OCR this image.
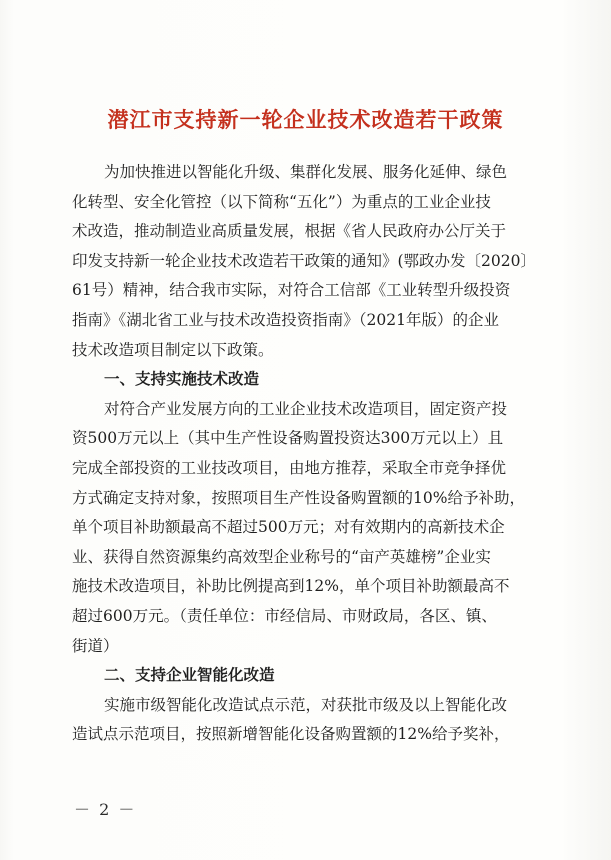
潜江市支持新一轮企业技术改造若干政策
为加快推进以智能化升级、集群化发展、服务化延伸、绿色
化转型、安全化管控（以下简称“五化”）为重点的工业企业技
术改造，推动制造业高质量发展，根据《省人民政府办公厅关于
印发支持新一轮企业技术改造若干政策的通知》(鄂政办发〔2020〕
61号）精神，结合我市实际，对符合工信部《工业转型升级投资
指南》《湖北省工业与技术改造投资指南》（2021年版）的企业
技术改造项目制定以下政策。
一、支持实施技术改造
对符合产业发展方向的工业企业技术改造项目，固定资产投
资500万元以上（其中生产性设备购置投资达300万元以上）且
完成全部投资的工业技改项目，由地方推荐，采取全市竞争择优
方式确定支持对象，按照项目生产性设备购置额的10%给予补助，
单个项目补助额最高不超过500万元；对有效期内的高新技术企
业、获得自然资源集约高效型企业称号的“亩产英雄榜”企业实
施技术改造项目，补助比例提高到12%，单个项目补助额最高不
超过600万元。（责任单位：市经信局、市财政局，各区、镇、
街道）
二、支持企业智能化改造
实施市级智能化改造试点示范，对获批市级及以上智能化改
造试点示范项目，按照新增智能化设备购置额的12%给予奖补，
－ 2 －
